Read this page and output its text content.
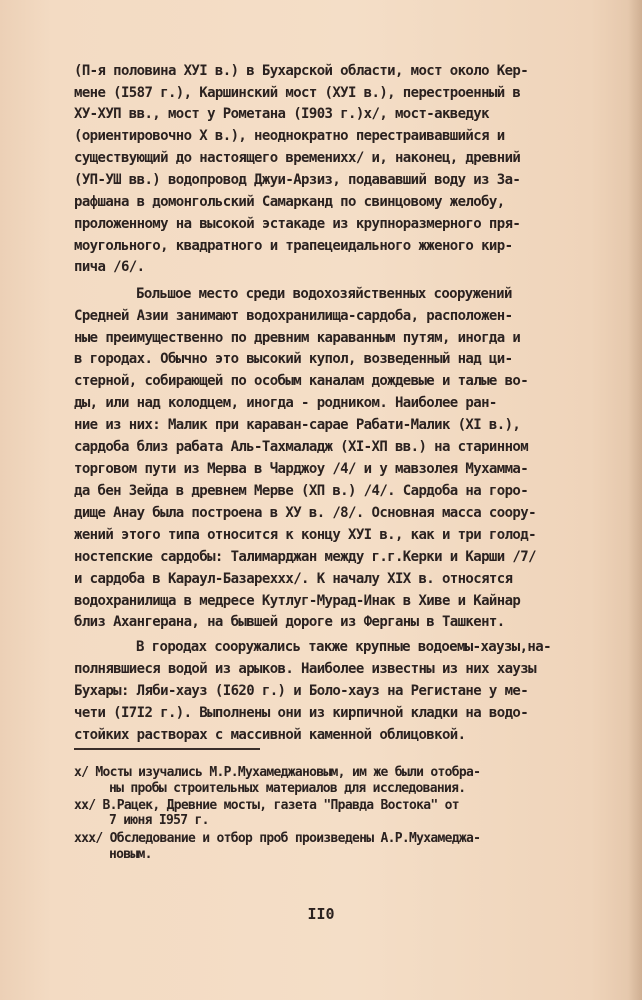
(П-я половина ХУI в.) в Бухарской области, мост около Кер-
мене (I587 г.), Каршинский мост (ХУI в.), перестроенный в
ХУ-ХУП вв., мост у Рометана (I903 г.)x/, мост-акведук
(ориентировочно Х в.), неоднократно перестраивавшийся и
существующий до настоящего времениxx/ и, наконец, древний
(УП-УШ вв.) водопровод Джуи-Арзиз, подававший воду из За-
рафшана в домонгольский Самарканд по свинцовому желобу,
проложенному на высокой эстакаде из крупноразмерного пря-
моугольного, квадратного и трапецеидального жженого кир-
пича /6/.
Большое место среди водохозяйственных сооружений
Средней Азии занимают водохранилища-сардоба, расположен-
ные преимущественно по древним караванным путям, иногда и
в городах. Обычно это высокий купол, возведенный над ци-
стерной, собирающей по особым каналам дождевые и талые во-
ды, или над колодцем, иногда - родником. Наиболее ран-
ние из них: Малик при караван-сарае Рабати-Малик (ХI в.),
сардоба близ рабата Аль-Тахмаладж (ХI-ХП вв.) на старинном
торговом пути из Мерва в Чарджоу /4/ и у мавзолея Мухамма-
да бен Зейда в древнем Мерве (ХП в.) /4/. Сардоба на горо-
дище Анау была построена в ХУ в. /8/. Основная масса соору-
жений этого типа относится к концу ХУI в., как и три голод-
ностепские сардобы: Талимарджан между г.г.Керки и Карши /7/
и сардоба в Караул-Базареxxx/. К началу ХIХ в. относятся
водохранилища в медресе Кутлуг-Мурад-Инак в Хиве и Кайнар
близ Ахангерана, на бывшей дороге из Ферганы в Ташкент.
В городах сооружались также крупные водоемы-хаузы,на-
полнявшиеся водой из арыков. Наиболее известны из них хаузы
Бухары: Ляби-хауз (I620 г.) и Боло-хауз на Регистане у ме-
чети (I7I2 г.). Выполнены они из кирпичной кладки на водо-
стойких растворах с массивной каменной облицовкой.
x/ Мосты изучались М.Р.Мухамеджановым, им же были отобра-
ны пробы строительных материалов для исследования.
xx/ В.Рацек, Древние мосты, газета "Правда Востока" от
7 июня I957 г.
xxx/ Обследование и отбор проб произведены А.Р.Мухамеджа-
новым.
II0
